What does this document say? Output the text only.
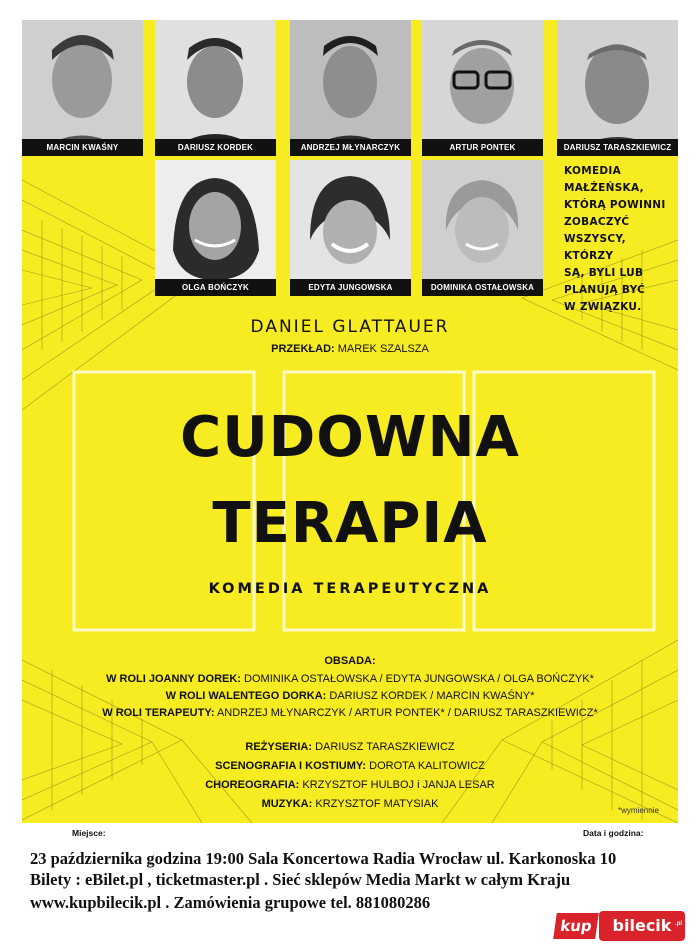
MARCIN KWAŚNY	DARIUSZ KORDEK	ANDRZEJ MŁYNARCZYK	ARTUR PONTEK	DARIUSZ TARASZKIEWICZ
OLGA BOŃCZYK	EDYTA JUNGOWSKA	DOMINIKA OSTAŁOWSKA
KOMEDIA
MAŁŻEŃSKA,
KTÓRĄ POWINNI
ZOBACZYĆ
WSZYSCY, KTÓRZY
SĄ, BYLI LUB
PLANUJĄ BYĆ
W ZWIĄZKU.
DANIEL GLATTAUER
PRZEKŁAD: MAREK SZALSZA
CUDOWNA
TERAPIA
KOMEDIA TERAPEUTYCZNA
OBSADA:
W ROLI JOANNY DOREK: DOMINIKA OSTAŁOWSKA / EDYTA JUNGOWSKA / OLGA BOŃCZYK*
W ROLI WALENTEGO DORKA: DARIUSZ KORDEK / MARCIN KWAŚNY*
W ROLI TERAPEUTY: ANDRZEJ MŁYNARCZYK / ARTUR PONTEK* / DARIUSZ TARASZKIEWICZ*
REŻYSERIA: DARIUSZ TARASZKIEWICZ
SCENOGRAFIA I KOSTIUMY: DOROTA KALITOWICZ
CHOREOGRAFIA: KRZYSZTOF HULBOJ i JANJA LESAR
MUZYKA: KRZYSZTOF MATYSIAK
*wymiennie
Miejsce:	Data i godzina:
23 października godzina 19:00 Sala Koncertowa Radia Wrocław ul. Karkonoska 10
Bilety : eBilet.pl , ticketmaster.pl . Sieć sklepów Media Markt w całym Kraju
www.kupbilecik.pl . Zamówienia grupowe tel. 881080286
kup	bilecik .pl
